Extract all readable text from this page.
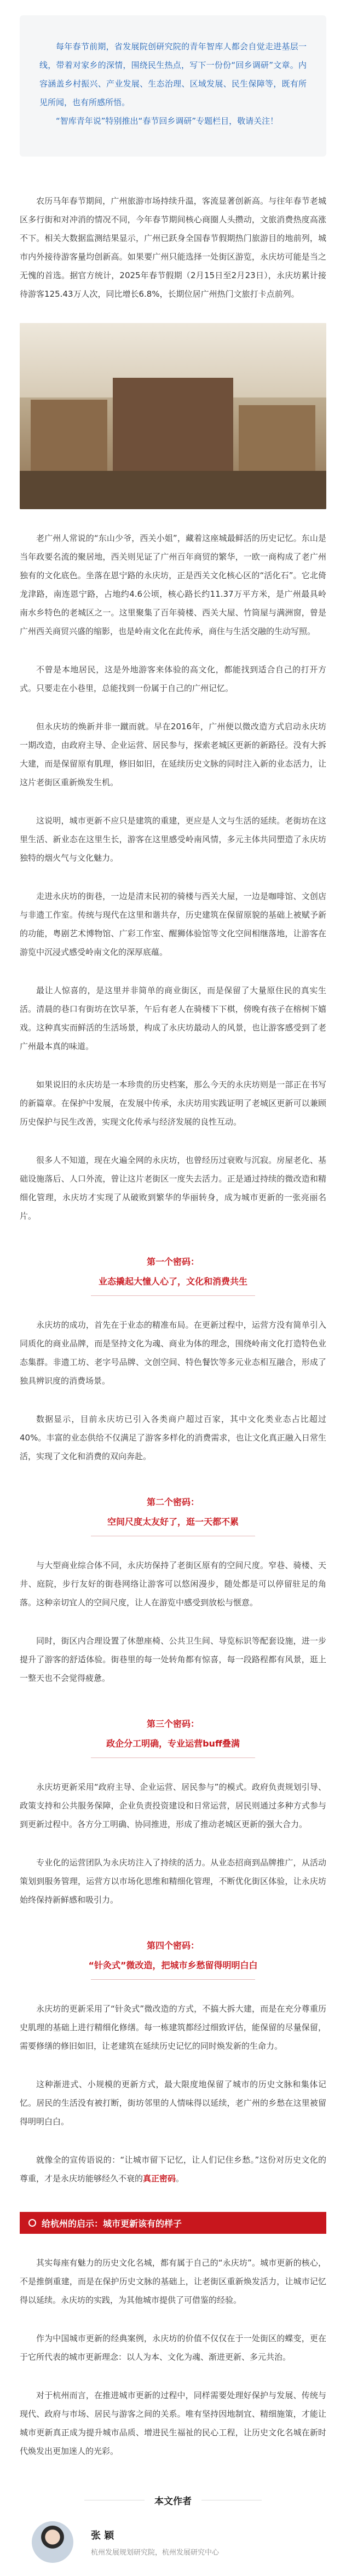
每年春节前期，省发展院创研究院的青年智库人都会自觉走进基层一线，带着对家乡的深情，围绕民生热点，写下一份份“回乡调研”文章。内容涵盖乡村振兴、产业发展、生态治理、区域发展、民生保障等，既有所见所闻，也有所感所悟。

“智库青年说”特别推出“春节回乡调研”专题栏目，敬请关注！

农历马年春节期间，广州旅游市场持续升温，客流显著创新高。与往年春节老城区多行街和对冲消的情况不同，今年春节期间核心商圈人头攒动，文旅消费热度高涨不下。相关大数据监测结果显示，广州已跃身全国春节假期热门旅游目的地前列，城市内外接待游客量均创新高。如果要广州只能选择一处街区游览，永庆坊可能是当之无愧的首选。据官方统计，2025年春节假期（2月15日至2月23日），永庆坊累计接待游客125.43万人次，同比增长6.8%，长期位居广州热门文旅打卡点前列。

老广州人常说的“东山少爷，西关小姐”，藏着这座城最鲜活的历史记忆。东山是当年政要名流的聚居地，西关则见证了广州百年商贸的繁华，一欧一商构成了老广州独有的文化底色。坐落在恩宁路的永庆坊，正是西关文化核心区的“活化石”。它北倚龙津路，南连恩宁路，占地约4.6公顷，核心路长约11.37万平方米，是广州最具岭南水乡特色的老城区之一。这里聚集了百年骑楼、西关大屋、竹筒屋与满洲窗，曾是广州西关商贸兴盛的缩影，也是岭南文化在此传承，商住与生活交融的生动写照。

不曾是本地居民，这是外地游客来体验的高文化，都能找到适合自己的打开方式。只要走在小巷里，总能找到一份属于自己的广州记忆。

但永庆坊的焕新并非一蹴而就。早在2016年，广州便以微改造方式启动永庆坊一期改造，由政府主导、企业运营、居民参与，探索老城区更新的新路径。没有大拆大建，而是保留原有肌理，修旧如旧，在延续历史文脉的同时注入新的业态活力，让这片老街区重新焕发生机。

这说明，城市更新不应只是建筑的重建，更应是人文与生活的延续。老街坊在这里生活、新业态在这里生长，游客在这里感受岭南风情，多元主体共同塑造了永庆坊独特的烟火气与文化魅力。

走进永庆坊的街巷，一边是清末民初的骑楼与西关大屋，一边是咖啡馆、文创店与非遗工作室。传统与现代在这里和谐共存，历史建筑在保留原貌的基础上被赋予新的功能，粤剧艺术博物馆、广彩工作室、醒狮体验馆等文化空间相继落地，让游客在游览中沉浸式感受岭南文化的深厚底蕴。

最让人惊喜的，是这里并非简单的商业街区，而是保留了大量原住民的真实生活。清晨的巷口有街坊在饮早茶，午后有老人在骑楼下下棋，傍晚有孩子在榕树下嬉戏。这种真实而鲜活的生活场景，构成了永庆坊最动人的风景，也让游客感受到了老广州最本真的味道。

如果说旧的永庆坊是一本珍贵的历史档案，那么今天的永庆坊则是一部正在书写的新篇章。在保护中发展，在发展中传承，永庆坊用实践证明了老城区更新可以兼顾历史保护与民生改善，实现文化传承与经济发展的良性互动。

很多人不知道，现在火遍全网的永庆坊，也曾经历过衰败与沉寂。房屋老化、基础设施落后、人口外流，曾让这片老街区一度失去活力。正是通过持续的微改造和精细化管理，永庆坊才实现了从破败到繁华的华丽转身，成为城市更新的一张亮丽名片。

第一个密码：
业态撬起大憧人心了，文化和消费共生

永庆坊的成功，首先在于业态的精准布局。在更新过程中，运营方没有简单引入同质化的商业品牌，而是坚持文化为魂、商业为体的理念，围绕岭南文化打造特色业态集群。非遗工坊、老字号品牌、文创空间、特色餐饮等多元业态相互融合，形成了独具辨识度的消费场景。

数据显示，目前永庆坊已引入各类商户超过百家，其中文化类业态占比超过40%。丰富的业态供给不仅满足了游客多样化的消费需求，也让文化真正融入日常生活，实现了文化和消费的双向奔赴。

第二个密码：
空间尺度太友好了，逛一天都不累

与大型商业综合体不同，永庆坊保持了老街区原有的空间尺度。窄巷、骑楼、天井、庭院，步行友好的街巷网络让游客可以悠闲漫步，随处都是可以停留驻足的角落。这种亲切宜人的空间尺度，让人在游览中感受到放松与惬意。

同时，街区内合理设置了休憩座椅、公共卫生间、导览标识等配套设施，进一步提升了游客的舒适体验。街巷里的每一处转角都有惊喜，每一段路程都有风景，逛上一整天也不会觉得疲惫。

第三个密码：
政企分工明确，专业运营buff叠满

永庆坊更新采用“政府主导、企业运营、居民参与”的模式。政府负责规划引导、政策支持和公共服务保障，企业负责投资建设和日常运营，居民则通过多种方式参与到更新过程中。各方分工明确、协同推进，形成了推动老城区更新的强大合力。

专业化的运营团队为永庆坊注入了持续的活力。从业态招商到品牌推广，从活动策划到服务管理，运营方以市场化思维和精细化管理，不断优化街区体验，让永庆坊始终保持新鲜感和吸引力。

第四个密码：
“针灸式”微改造，把城市乡愁留得明明白白

永庆坊的更新采用了“针灸式”微改造的方式，不搞大拆大建，而是在充分尊重历史肌理的基础上进行精细化修缮。每一栋建筑都经过细致评估，能保留的尽量保留，需要修缮的修旧如旧，让老建筑在延续历史记忆的同时焕发新的生命力。

这种渐进式、小规模的更新方式，最大限度地保留了城市的历史文脉和集体记忆。居民的生活没有被打断，街坊邻里的人情味得以延续，老广州的乡愁在这里被留得明明白白。

就像全的宣传语说的：“让城市留下记忆，让人们记住乡愁。”这份对历史文化的尊重，才是永庆坊能够经久不衰的真正密码。

给杭州的启示：城市更新该有的样子

其实每座有魅力的历史文化名城，都有属于自己的“永庆坊”。城市更新的核心，不是推倒重建，而是在保护历史文脉的基础上，让老街区重新焕发活力，让城市记忆得以延续。永庆坊的实践，为其他城市提供了可借鉴的经验。

作为中国城市更新的经典案例，永庆坊的价值不仅仅在于一处街区的蝶变，更在于它所代表的城市更新理念：以人为本、文化为魂、渐进更新、多元共治。

对于杭州而言，在推进城市更新的过程中，同样需要处理好保护与发展、传统与现代、政府与市场、居民与游客之间的关系。唯有坚持因地制宜、精细施策，才能让城市更新真正成为提升城市品质、增进民生福祉的民心工程，让历史文化名城在新时代焕发出更加迷人的光彩。

本文作者
张 颖
杭州发展规划研究院，杭州发展研究中心
